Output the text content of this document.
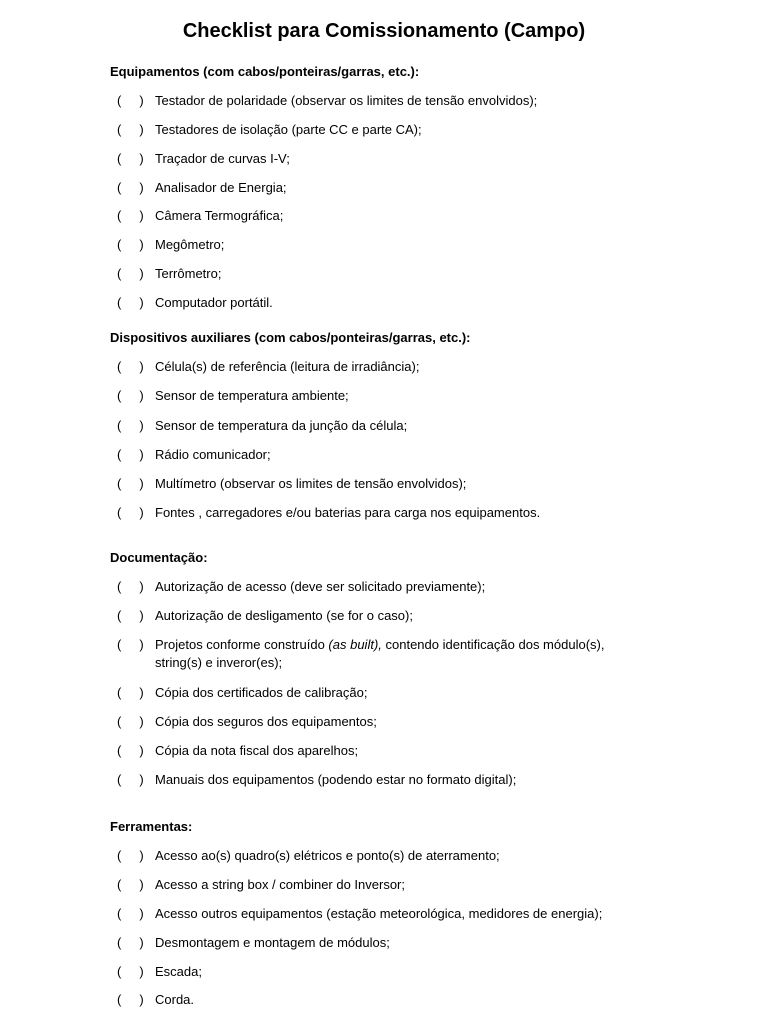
Checklist para Comissionamento (Campo)

Equipamentos (com cabos/ponteiras/garras, etc.):

(     ) Testador de polaridade (observar os limites de tensão envolvidos);
(     ) Testadores de isolação (parte CC e parte CA);
(     ) Traçador de curvas I-V;
(     ) Analisador de Energia;
(     ) Câmera Termográfica;
(     ) Megômetro;
(     ) Terrômetro;
(     ) Computador portátil.

Dispositivos auxiliares (com cabos/ponteiras/garras, etc.):

(     ) Célula(s) de referência (leitura de irradiância);
(     ) Sensor de temperatura ambiente;
(     ) Sensor de temperatura da junção da célula;
(     ) Rádio comunicador;
(     ) Multímetro (observar os limites de tensão envolvidos);
(     ) Fontes , carregadores e/ou baterias para carga nos equipamentos.

Documentação:

(     ) Autorização de acesso (deve ser solicitado previamente);
(     ) Autorização de desligamento (se for o caso);
(     ) Projetos conforme construído (as built), contendo identificação dos módulo(s),
string(s) e inveror(es);
(     ) Cópia dos certificados de calibração;
(     ) Cópia dos seguros dos equipamentos;
(     ) Cópia da nota fiscal dos aparelhos;
(     ) Manuais dos equipamentos (podendo estar no formato digital);

Ferramentas:

(     ) Acesso ao(s) quadro(s) elétricos e ponto(s) de aterramento;
(     ) Acesso a string box / combiner do Inversor;
(     ) Acesso outros equipamentos (estação meteorológica, medidores de energia);
(     ) Desmontagem e montagem de módulos;
(     ) Escada;
(     ) Corda.
